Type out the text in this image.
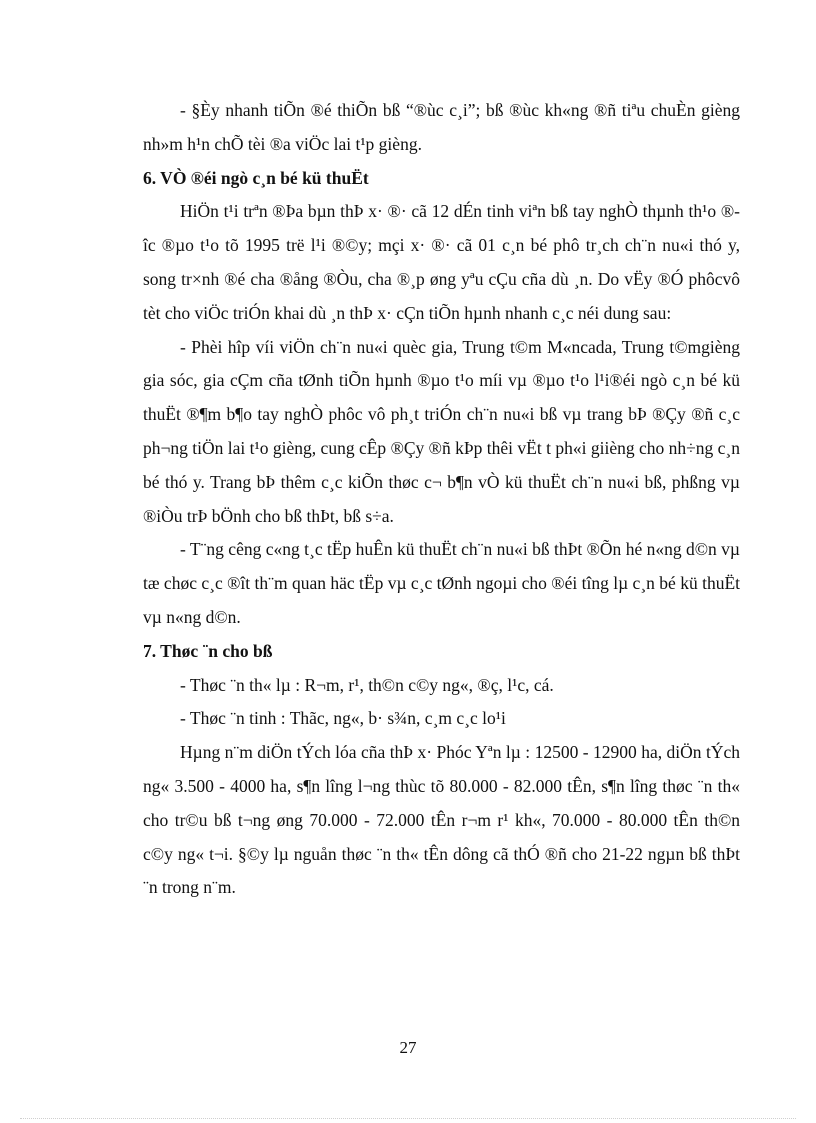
- §Èy nhanh tiÕn ®é thiÕn bß “®ùc c¸i”; bß ®ùc kh«ng ®ñ tiªu chuÈn gièng nh»m h¹n chÕ tèi ®a viÖc lai t¹p gièng.

6. VÒ ®éi ngò c¸n bé kü thuËt

HiÖn t¹i trªn ®Þa bµn thÞ x· ®· cã 12 dÉn tinh viªn bß tay nghÒ thµnh th¹o ®îc ®µo t¹o tõ 1995 trë l¹i ®©y; mçi x· ®· cã 01 c¸n bé phô tr¸ch ch¨n nu«i thó y, song tr×nh ®é cha ®ång ®Òu, cha ®¸p øng yªu cÇu cña dù ¸n. Do vËy ®Ó phôcvô tèt cho viÖc triÓn khai dù ¸n thÞ x· cÇn tiÕn hµnh nhanh c¸c néi dung sau:

- Phèi hîp víi viÖn ch¨n nu«i quèc gia, Trung t©m M«ncada, Trung t©mgièng gia sóc, gia cÇm cña tØnh tiÕn hµnh ®µo t¹o míi vµ ®µo t¹o l¹i®éi ngò c¸n bé kü thuËt ®¶m b¶o tay nghÒ phôc vô ph¸t triÓn ch¨n nu«i bß vµ trang bÞ ®Çy ®ñ c¸c ph¬ng tiÖn lai t¹o gièng, cung cÊp ®Çy ®ñ kÞp thêi vËt t ph«i giièng cho nh÷ng c¸n bé thó y. Trang bÞ thêm c¸c kiÕn thøc c¬ b¶n vÒ kü thuËt ch¨n nu«i bß, phßng vµ ®iÒu trÞ bÖnh cho bß thÞt, bß s÷a.

- T¨ng cêng c«ng t¸c tËp huÊn kü thuËt ch¨n nu«i bß thÞt ®Õn hé n«ng d©n vµ tæ chøc c¸c ®ît th¨m quan häc tËp vµ c¸c tØnh ngoµi cho ®éi tîng lµ c¸n bé kü thuËt vµ n«ng d©n.

7. Thøc ¨n cho bß

- Thøc ¨n th« lµ : R¬m, r¹, th©n c©y ng«, ®ç, l¹c, cá.

- Thøc ¨n tinh : Thãc, ng«, b· s¾n, c¸m c¸c lo¹i

Hµng n¨m diÖn tÝch lóa cña thÞ x· Phóc Yªn lµ : 12500 - 12900 ha, diÖn tÝch ng« 3.500 - 4000 ha, s¶n lîng l¬ng thùc tõ 80.000 - 82.000 tÊn, s¶n lîng thøc ¨n th« cho tr©u bß t¬ng øng 70.000 - 72.000 tÊn r¬m r¹ kh«, 70.000 - 80.000 tÊn th©n c©y ng« t¬i. §©y lµ nguån thøc ¨n th« tÊn dông cã thÓ ®ñ cho 21-22 ngµn bß thÞt ¨n trong n¨m.

27
